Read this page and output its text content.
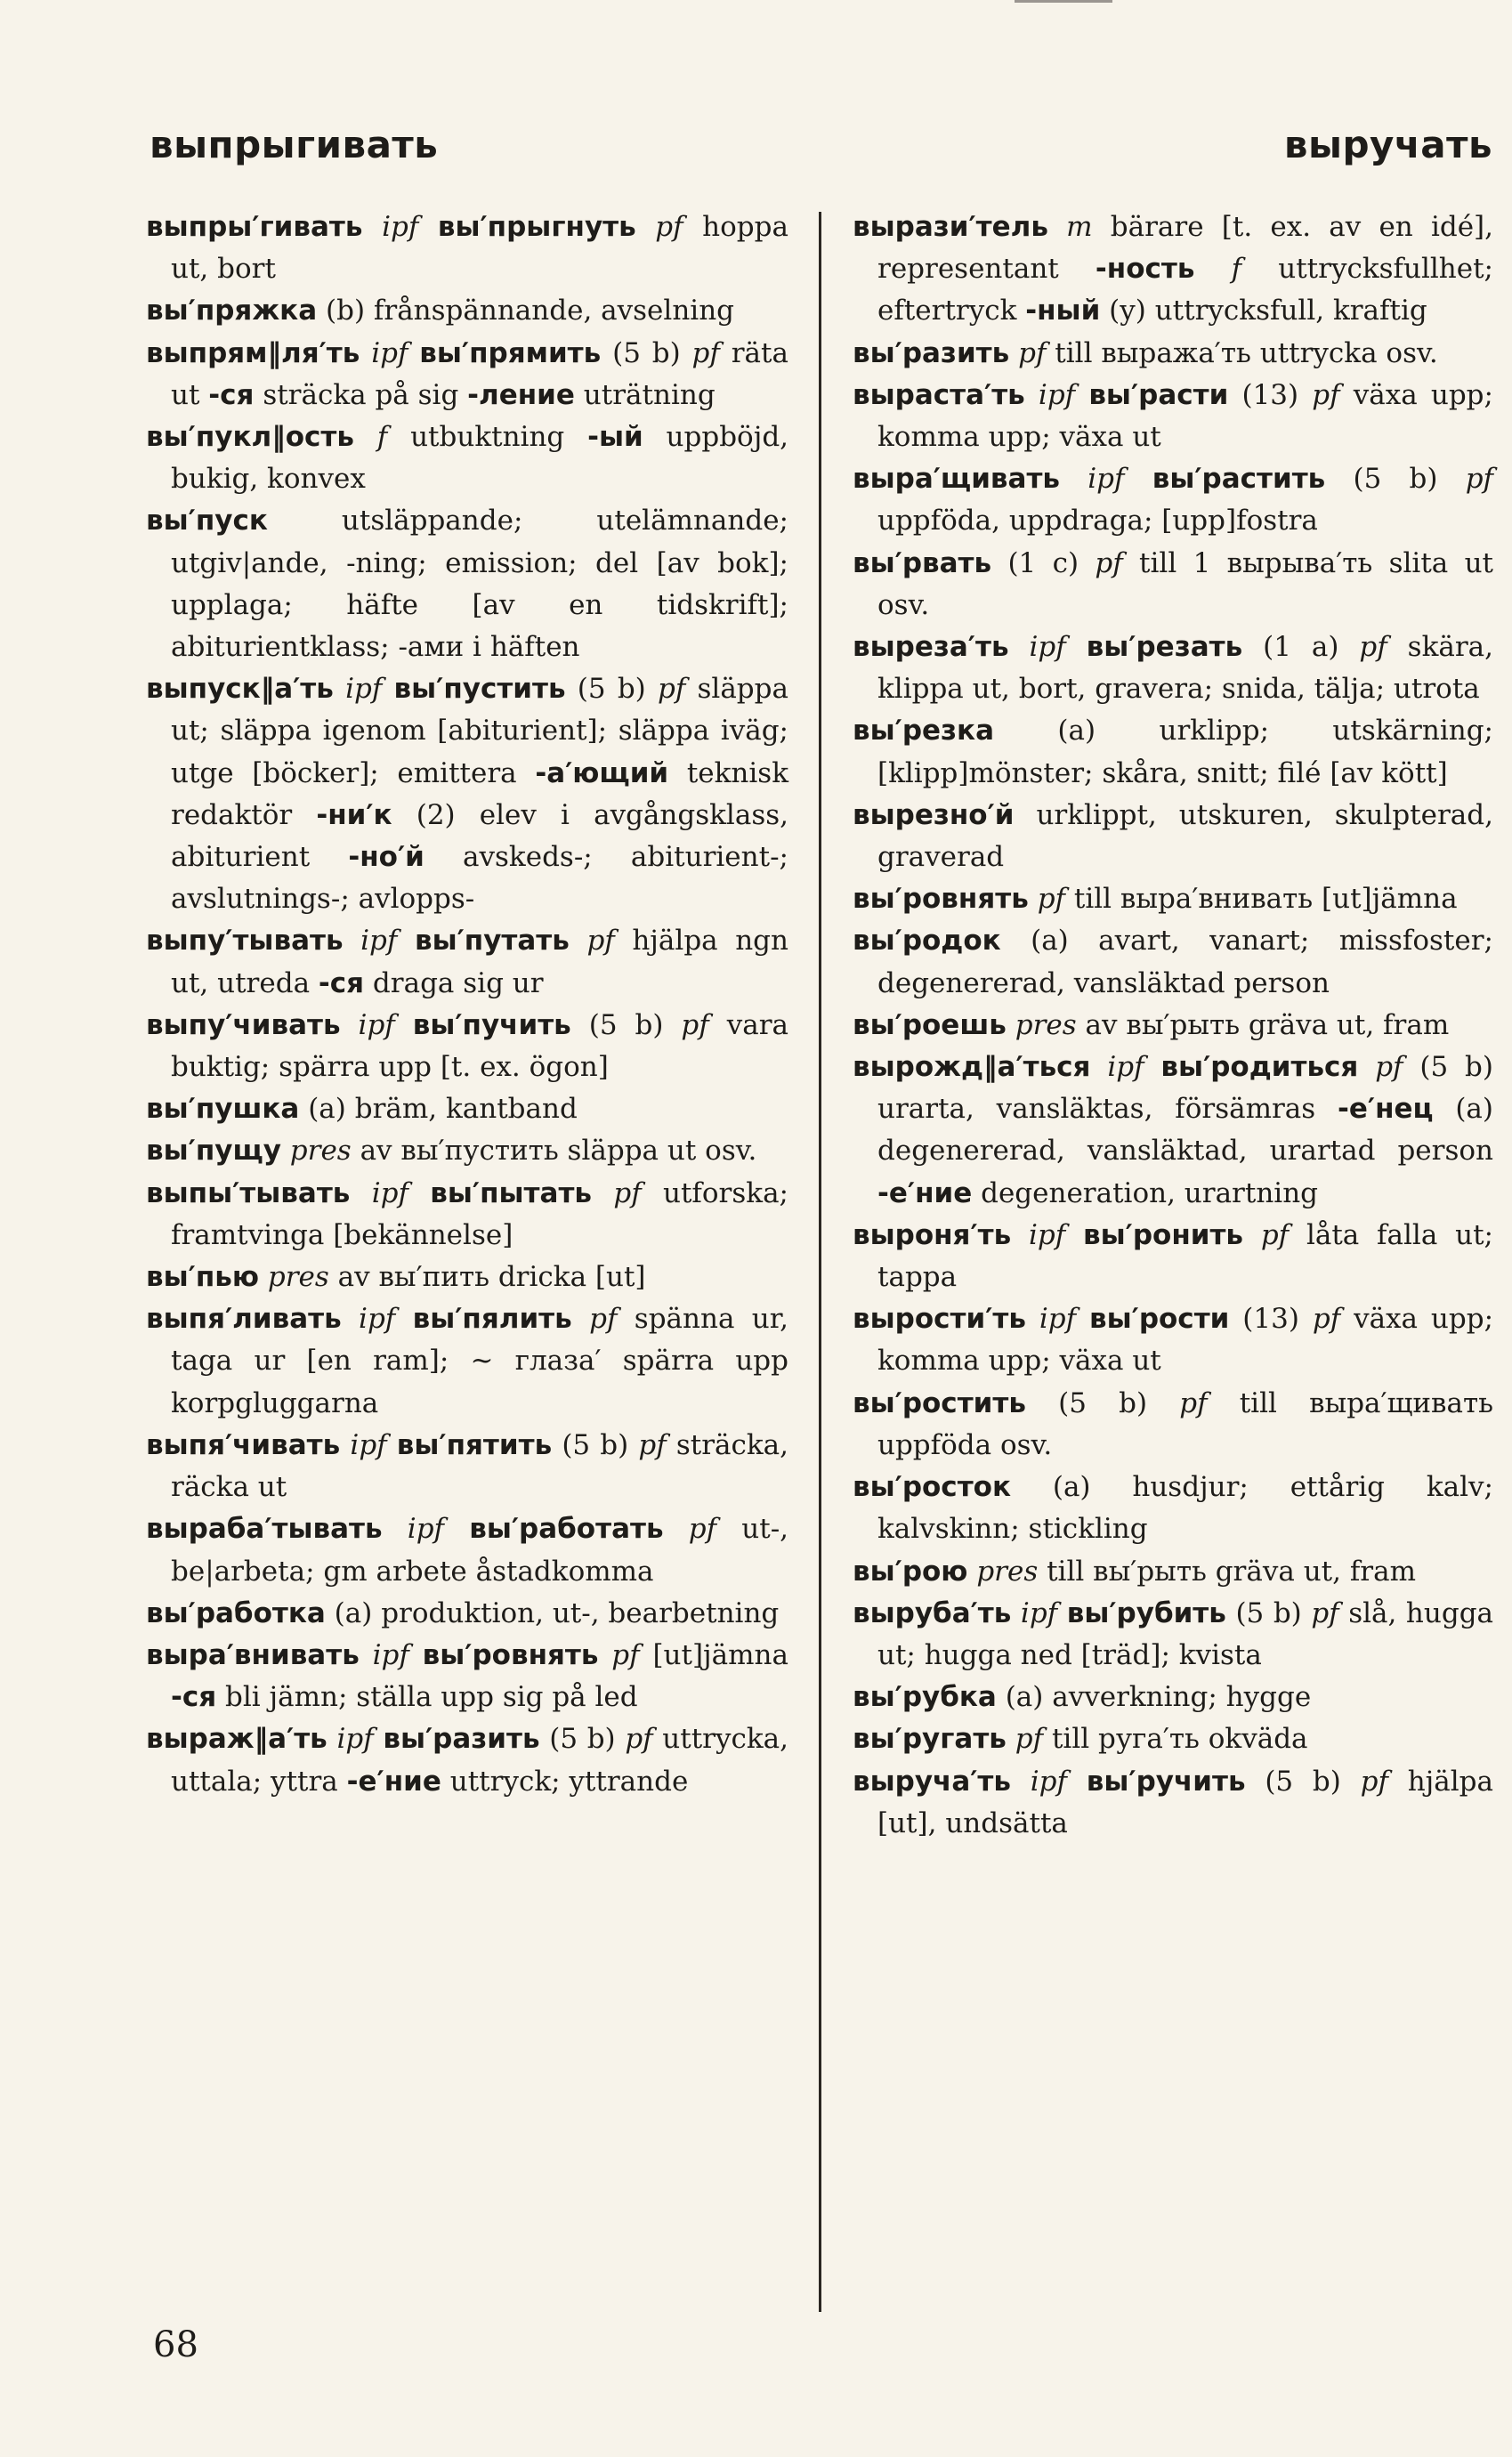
выпрыгивать	выручать

выпры′гивать ipf вы′прыгнуть pf hoppa ut, bort

вы′пряжка (b) frånspännande, avselning

выпрям‖ля′ть ipf вы′прямить (5 b) pf räta ut -ся sträcka på sig -ление uträtning

вы′пукл‖ость f utbuktning -ый uppböjd, bukig, konvex

вы′пуск	utsläppande; utelämnande; utgiv|ande, -ning; emission; del [av bok]; upplaga; häfte [av en tidskrift]; abiturientklass; -ами i häften

выпуск‖а′ть ipf вы′пустить (5 b) pf släppa ut; släppa igenom [abiturient]; släppa iväg; utge [böcker]; emittera -а′ющий teknisk redaktör -ни′к (2) elev i avgångsklass, abiturient -но′й avskeds-; abiturient-; avslutnings-; avlopps-

выпу′тывать ipf вы′путать pf hjälpa ngn ut, utreda -ся draga sig ur

выпу′чивать ipf вы′пучить (5 b) pf vara buktig; spärra upp [t. ex. ögon]

вы′пушка (a) bräm, kantband

вы′пущу pres av вы′пустить släppa ut osv.

выпы′тывать ipf вы′пытать pf utforska; framtvinga [bekännelse]

вы′пью pres av вы′пить dricka [ut]

выпя′ливать ipf вы′пялить pf spänna ur, taga ur [en ram]; ~ глаза′ spärra upp korpgluggarna

выпя′чивать ipf вы′пятить (5 b) pf sträcka, räcka ut

выраба′тывать ipf вы′работать pf ut-, be|arbeta; gm arbete åstadkomma

вы′работка (a) produktion, ut-, bearbetning

выра′внивать ipf вы′ровнять pf [ut]jämna -ся bli jämn; ställa upp sig på led

выраж‖а′ть ipf вы′разить (5 b) pf uttrycka, uttala; yttra -е′ние uttryck; yttrande

вырази′тель m bärare [t. ex. av en idé], representant -ность f uttrycksfullhet; eftertryck -ный (y) uttrycksfull, kraftig

вы′разить pf till выража′ть uttrycka osv.

выраста′ть ipf вы′расти (13) pf växa upp; komma upp; växa ut

выра′щивать ipf вы′растить (5 b) pf uppföda, uppdraga; [upp]fostra

вы′рвать (1 c) pf till 1 вырыва′ть slita ut osv.

выреза′ть ipf вы′резать (1 a) pf skära, klippa ut, bort, gravera; snida, tälja; utrota

вы′резка (a) urklipp; utskärning; [klipp]mönster; skåra, snitt; filé [av kött]

вырезно′й urklippt, utskuren, skulpterad, graverad

вы′ровнять pf till выра′внивать [ut]jämna

вы′родок (a) avart, vanart; missfoster; degenererad, vansläktad person

вы′роешь pres av вы′рыть gräva ut, fram

вырожд‖а′ться ipf вы′родиться pf (5 b) urarta, vansläktas, försämras -е′нец (a) degenererad, vansläktad, urartad person -е′ние degeneration, urartning

выроня′ть ipf вы′ронить pf låta falla ut; tappa

вырости′ть ipf вы′рости (13) pf växa upp; komma upp; växa ut

вы′ростить (5 b) pf till выра′щивать uppföda osv.

вы′росток (a) husdjur; ettårig kalv; kalvskinn; stickling

вы′рою pres till вы′рыть gräva ut, fram

выруба′ть ipf вы′рубить (5 b) pf slå, hugga ut; hugga ned [träd]; kvista

вы′рубка (a) avverkning; hygge

вы′ругать pf till руга′ть okväda

выруча′ть ipf вы′ручить (5 b) pf hjälpa [ut], undsätta

68
